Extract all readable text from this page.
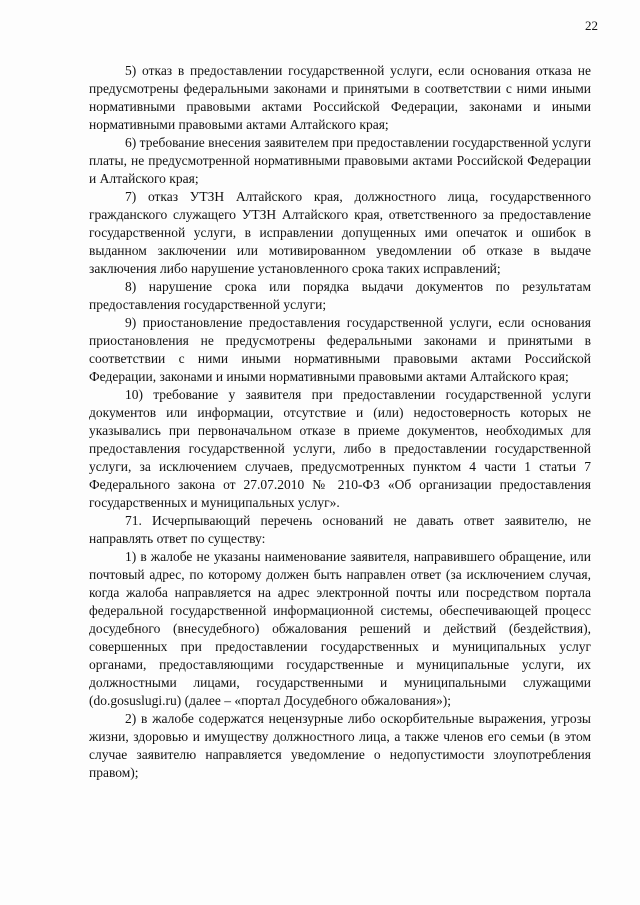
22

5) отказ в предоставлении государственной услуги, если основания отказа не предусмотрены федеральными законами и принятыми в соответствии с ними иными нормативными правовыми актами Российской Федерации, законами и иными нормативными правовыми актами Алтайского края;

6) требование внесения заявителем при предоставлении государственной услуги платы, не предусмотренной нормативными правовыми актами Российской Федерации и Алтайского края;

7) отказ УТЗН Алтайского края, должностного лица, государственного гражданского служащего УТЗН Алтайского края, ответственного за предоставление государственной услуги, в исправлении допущенных ими опечаток и ошибок в выданном заключении или мотивированном уведомлении об отказе в выдаче заключения либо нарушение установленного срока таких исправлений;

8) нарушение срока или порядка выдачи документов по результатам предоставления государственной услуги;

9) приостановление предоставления государственной услуги, если основания приостановления не предусмотрены федеральными законами и принятыми в соответствии с ними иными нормативными правовыми актами Российской Федерации, законами и иными нормативными правовыми актами Алтайского края;

10) требование у заявителя при предоставлении государственной услуги документов или информации, отсутствие и (или) недостоверность которых не указывались при первоначальном отказе в приеме документов, необходимых для предоставления государственной услуги, либо в предоставлении государственной услуги, за исключением случаев, предусмотренных пунктом 4 части 1 статьи 7 Федерального закона от 27.07.2010 № 210-ФЗ «Об организации предоставления государственных и муниципальных услуг».

71. Исчерпывающий перечень оснований не давать ответ заявителю, не направлять ответ по существу:

1) в жалобе не указаны наименование заявителя, направившего обращение, или почтовый адрес, по которому должен быть направлен ответ (за исключением случая, когда жалоба направляется на адрес электронной почты или посредством портала федеральной государственной информационной системы, обеспечивающей процесс досудебного (внесудебного) обжалования решений и действий (бездействия), совершенных при предоставлении государственных и муниципальных услуг органами, предоставляющими государственные и муниципальные услуги, их должностными лицами, государственными и муниципальными служащими (do.gosuslugi.ru) (далее – «портал Досудебного обжалования»);

2) в жалобе содержатся нецензурные либо оскорбительные выражения, угрозы жизни, здоровью и имуществу должностного лица, а также членов его семьи (в этом случае заявителю направляется уведомление о недопустимости злоупотребления правом);
